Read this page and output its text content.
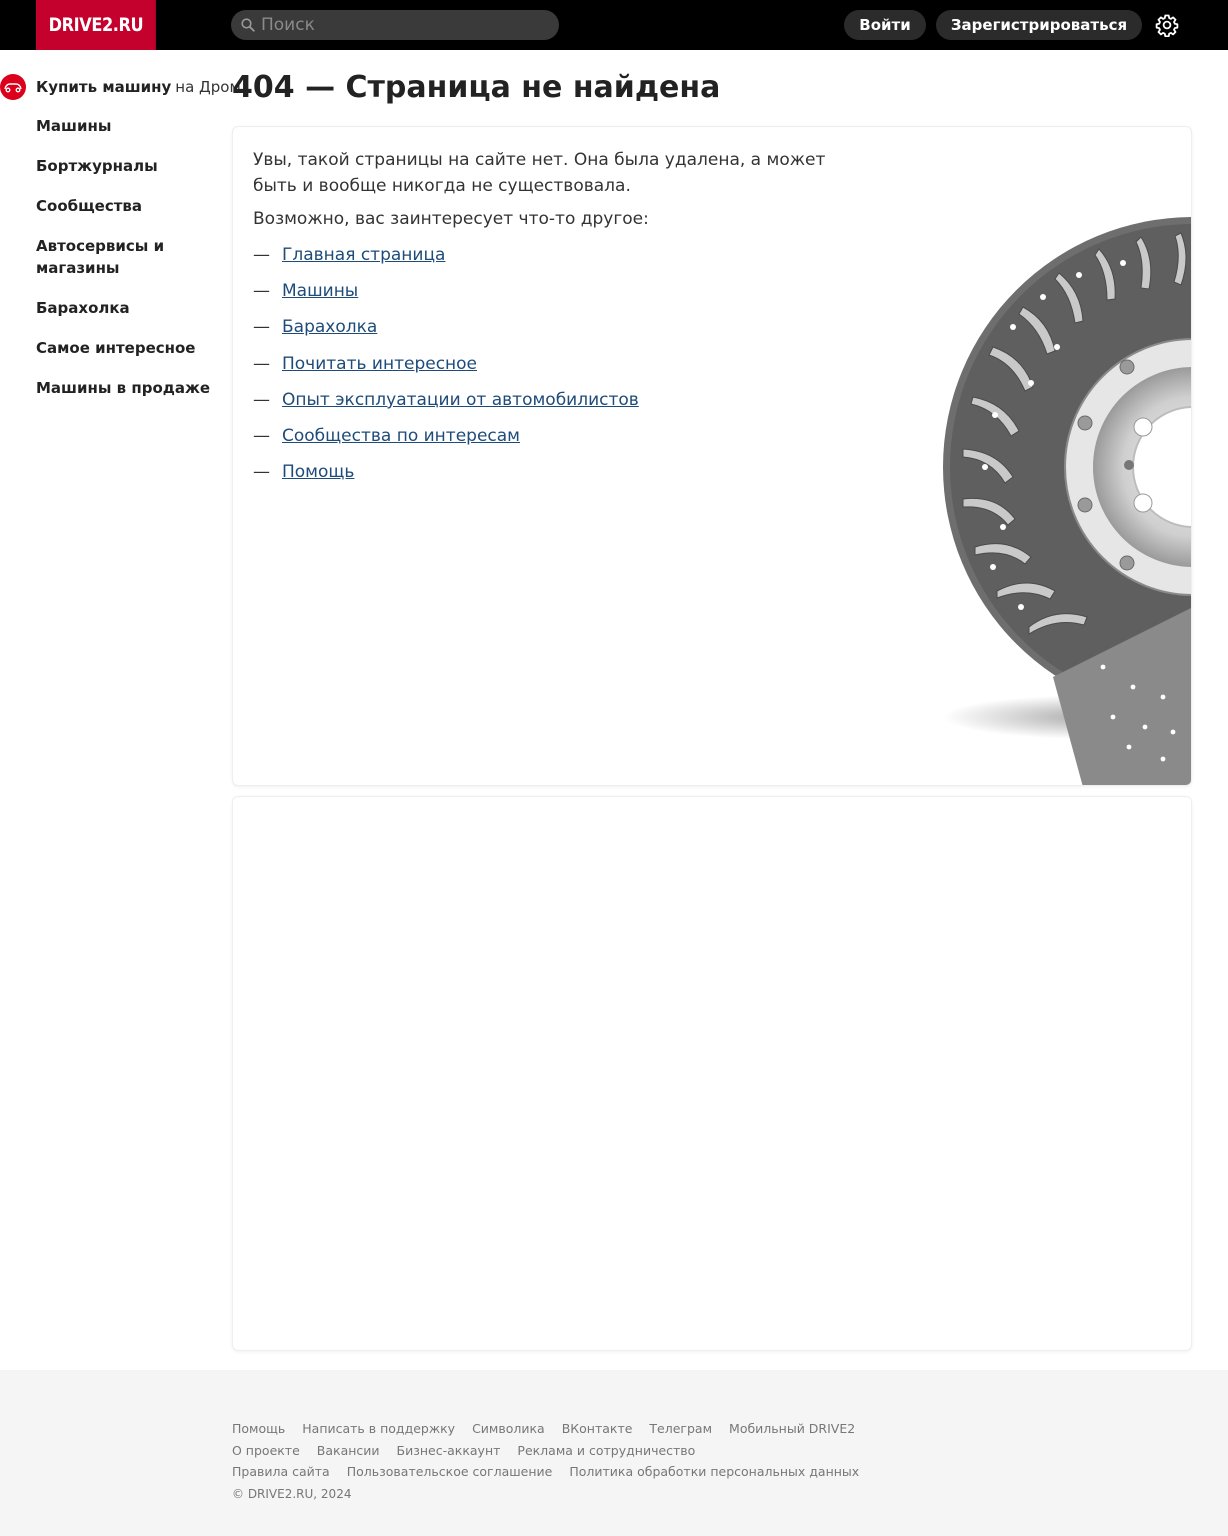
DRIVE2.RU
Поиск	Войти	Зарегистрироваться
Купить машину на Дром
Машины
Бортжурналы
Сообщества
Автосервисы и магазины
Барахолка
Самое интересное
Машины в продаже
404 — Страница не найдена

Увы, такой страницы на сайте нет. Она была удалена, а может быть и вообще никогда не существовала.

Возможно, вас заинтересует что-то другое:

— Главная страница
— Машины
— Барахолка
— Почитать интересное
— Опыт эксплуатации от автомобилистов
— Сообщества по интересам
— Помощь
Помощь Написать в поддержку Символика ВКонтакте Телеграм Мобильный DRIVE2
О проекте Вакансии Бизнес-аккаунт Реклама и сотрудничество
Правила сайта Пользовательское соглашение Политика обработки персональных данных
© DRIVE2.RU, 2024
